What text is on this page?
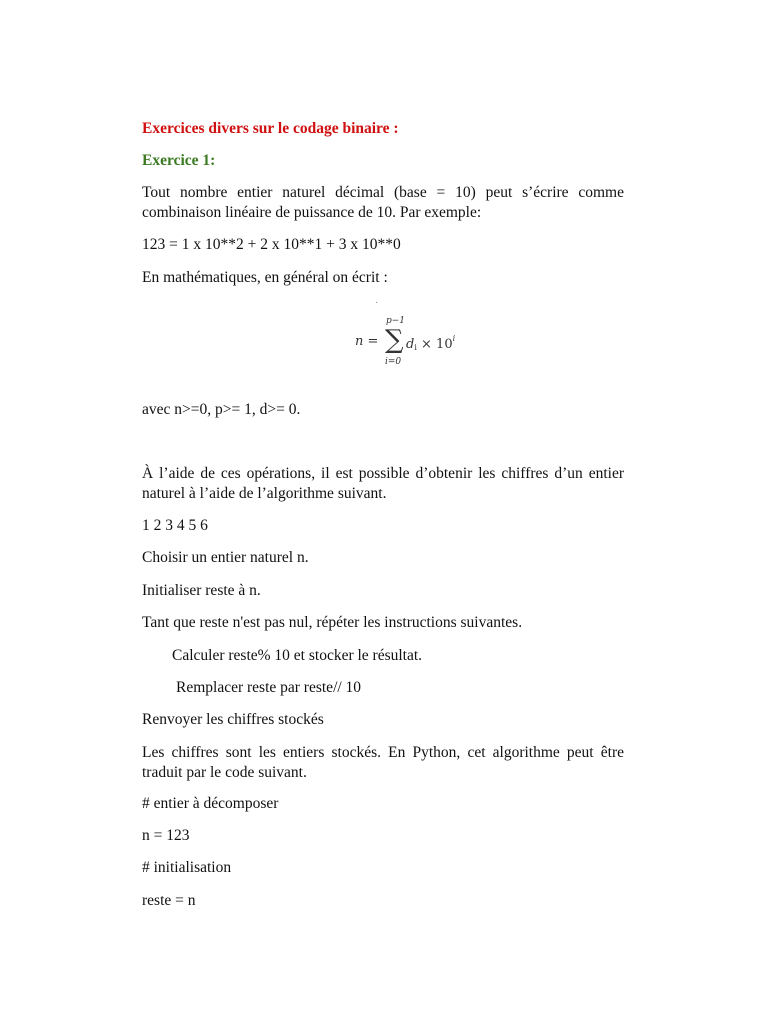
Exercices divers sur le codage binaire :
Exercice 1:
Tout nombre entier naturel décimal (base = 10) peut s’écrire comme combinaison linéaire de puissance de 10. Par exemple:
123 = 1 x 10**2 + 2 x 10**1 + 3 x 10**0
En mathématiques, en général on écrit :
·
n =
p−1
∑
i=0
di × $10^i$
avec n>=0, p>= 1, d>= 0.
À l’aide de ces opérations, il est possible d’obtenir les chiffres d’un entier naturel à l’aide de l’algorithme suivant.
1 2 3 4 5 6
Choisir un entier naturel n.
Initialiser reste à n.
Tant que reste n'est pas nul, répéter les instructions suivantes.
Calculer reste% 10 et stocker le résultat.
Remplacer reste par reste// 10
Renvoyer les chiffres stockés
Les chiffres sont les entiers stockés. En Python, cet algorithme peut être traduit par le code suivant.
# entier à décomposer
n = 123
# initialisation
reste = n
